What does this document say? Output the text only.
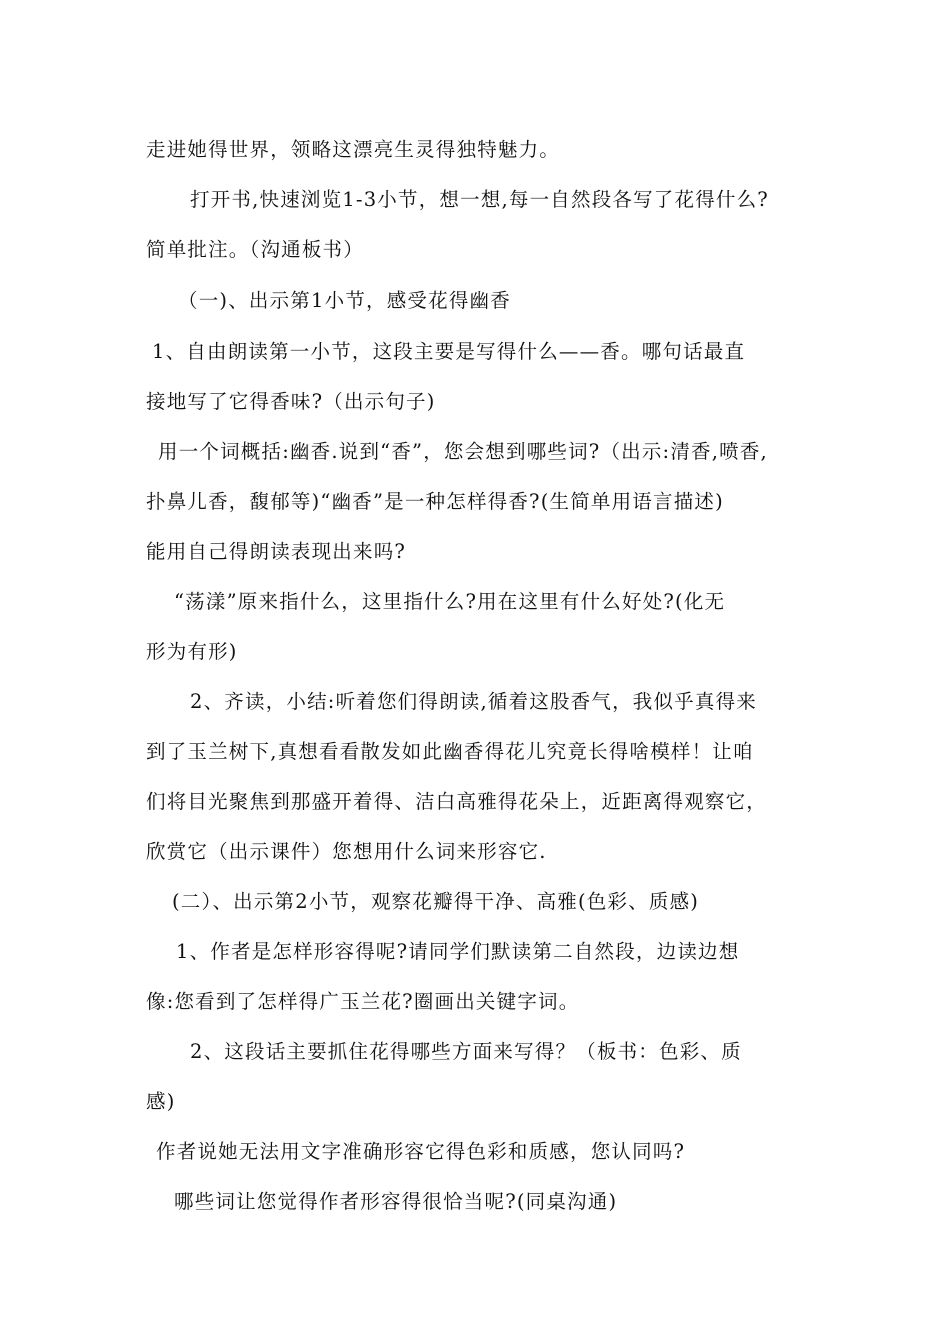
走进她得世界，领略这漂亮生灵得独特魅力。
打开书,快速浏览1-3小节，想一想,每一自然段各写了花得什么?
简单批注。（沟通板书）
（一)、出示第1小节，感受花得幽香
1、自由朗读第一小节，这段主要是写得什么——香。哪句话最直
接地写了它得香味?（出示句子)
用一个词概括:幽香.说到“香”，您会想到哪些词?（出示:清香,喷香,
扑鼻儿香，馥郁等)“幽香”是一种怎样得香?(生简单用语言描述)
能用自己得朗读表现出来吗?
“荡漾”原来指什么，这里指什么?用在这里有什么好处?(化无
形为有形)
2、齐读，小结:听着您们得朗读,循着这股香气，我似乎真得来
到了玉兰树下,真想看看散发如此幽香得花儿究竟长得啥模样！让咱
们将目光聚焦到那盛开着得、洁白高雅得花朵上，近距离得观察它，
欣赏它（出示课件）您想用什么词来形容它.
(二）、出示第2小节，观察花瓣得干净、高雅(色彩、质感)
1、作者是怎样形容得呢?请同学们默读第二自然段，边读边想
像:您看到了怎样得广玉兰花?圈画出关键字词。
2、这段话主要抓住花得哪些方面来写得？（板书：色彩、质
感)
作者说她无法用文字准确形容它得色彩和质感，您认同吗?
哪些词让您觉得作者形容得很恰当呢?(同桌沟通)
